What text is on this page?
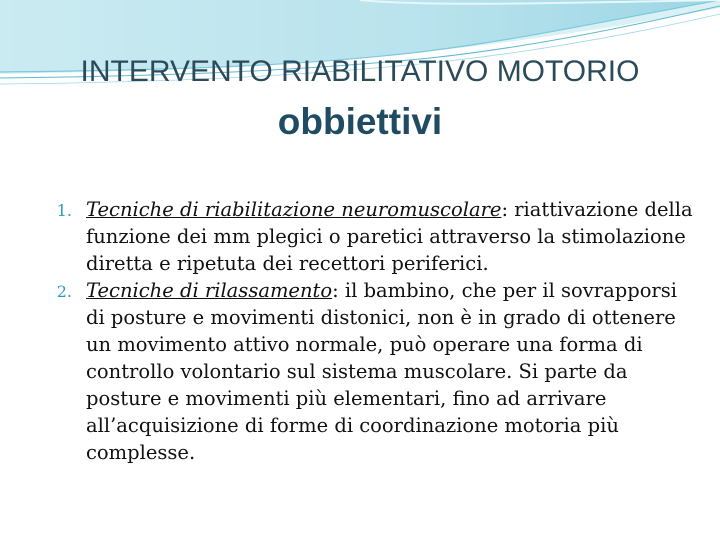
INTERVENTO RIABILITATIVO MOTORIO
obbiettivi
1. Tecniche di riabilitazione neuromuscolare: riattivazione della funzione dei mm plegici o paretici attraverso la stimolazione diretta e ripetuta dei recettori periferici.
2. Tecniche di rilassamento: il bambino, che per il sovrapporsi di posture e movimenti distonici, non è in grado di ottenere un movimento attivo normale, può operare una forma di controllo volontario sul sistema muscolare. Si parte da posture e movimenti più elementari, fino ad arrivare all’acquisizione di forme di coordinazione motoria più complesse.
